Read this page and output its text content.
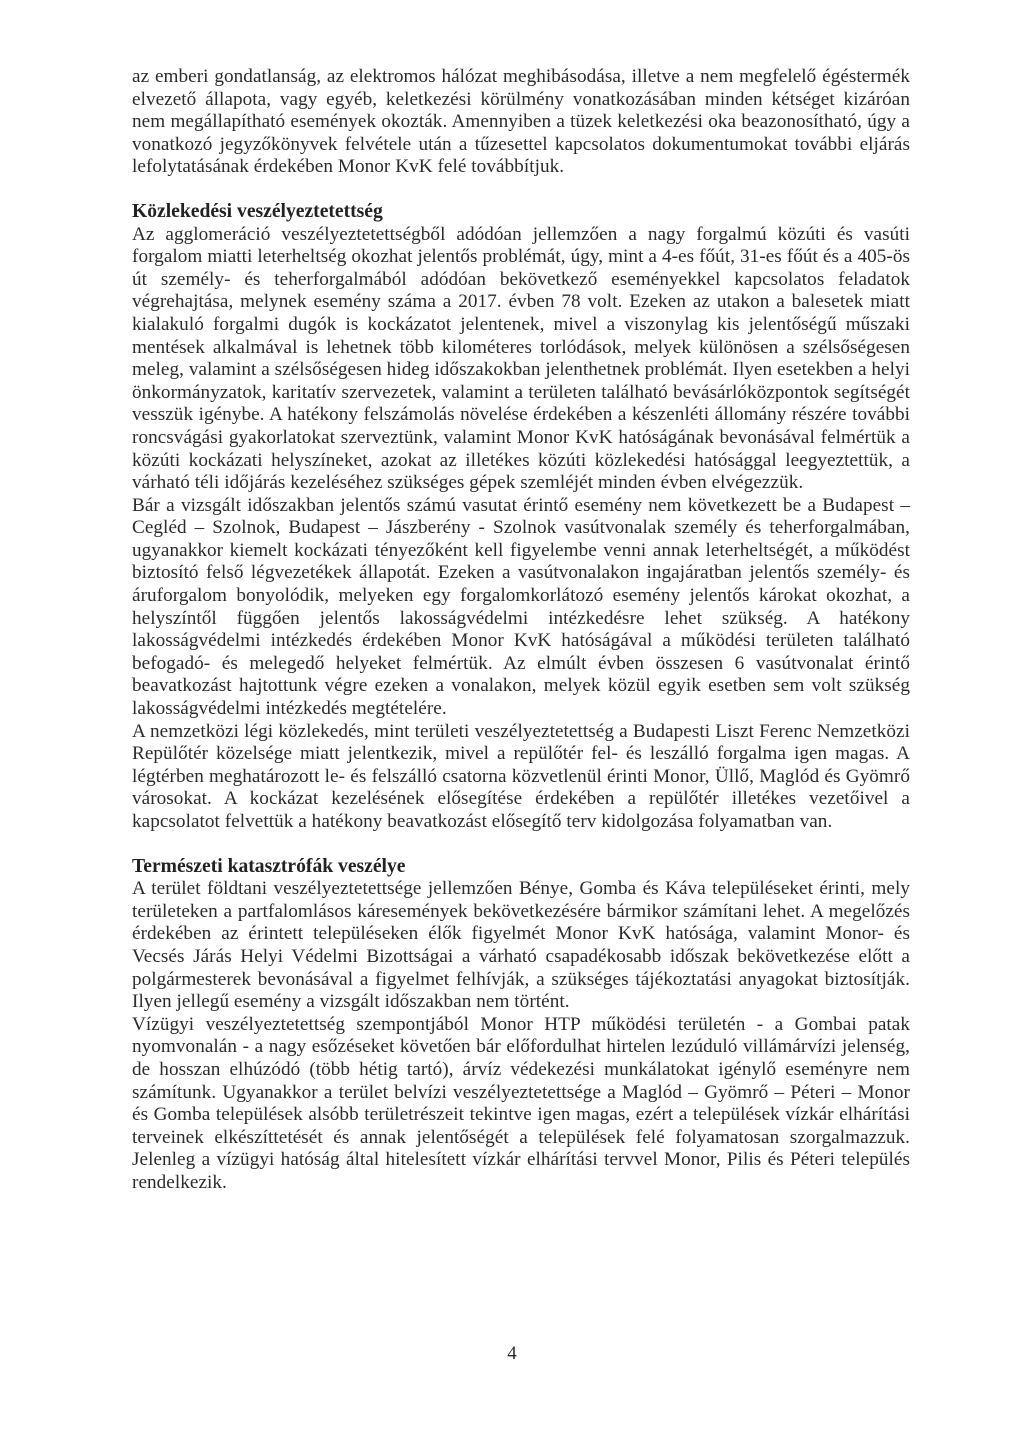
az emberi gondatlanság, az elektromos hálózat meghibásodása, illetve a nem megfelelő égéstermék elvezető állapota, vagy egyéb, keletkezési körülmény vonatkozásában minden kétséget kizáróan nem megállapítható események okozták. Amennyiben a tüzek keletkezési oka beazonosítható, úgy a vonatkozó jegyzőkönyvek felvétele után a tűzesettel kapcsolatos dokumentumokat további eljárás lefolytatásának érdekében Monor KvK felé továbbítjuk.

Közlekedési veszélyeztetettség

Az agglomeráció veszélyeztetettségből adódóan jellemzően a nagy forgalmú közúti és vasúti forgalom miatti leterheltség okozhat jelentős problémát, úgy, mint a 4-es főút, 31-es főút és a 405-ös út személy- és teherforgalmából adódóan bekövetkező eseményekkel kapcsolatos feladatok végrehajtása, melynek esemény száma a 2017. évben 78 volt. Ezeken az utakon a balesetek miatt kialakuló forgalmi dugók is kockázatot jelentenek, mivel a viszonylag kis jelentőségű műszaki mentések alkalmával is lehetnek több kilométeres torlódások, melyek különösen a szélsőségesen meleg, valamint a szélsőségesen hideg időszakokban jelenthetnek problémát. Ilyen esetekben a helyi önkormányzatok, karitatív szervezetek, valamint a területen található bevásárlóközpontok segítségét vesszük igénybe. A hatékony felszámolás növelése érdekében a készenléti állomány részére további roncsvágási gyakorlatokat szerveztünk, valamint Monor KvK hatóságának bevonásával felmértük a közúti kockázati helyszíneket, azokat az illetékes közúti közlekedési hatósággal leegyeztettük, a várható téli időjárás kezeléséhez szükséges gépek szemléjét minden évben elvégezzük.

Bár a vizsgált időszakban jelentős számú vasutat érintő esemény nem következett be a Budapest – Cegléd – Szolnok, Budapest – Jászberény - Szolnok vasútvonalak személy és teherforgalmában, ugyanakkor kiemelt kockázati tényezőként kell figyelembe venni annak leterheltségét, a működést biztosító felső légvezetékek állapotát. Ezeken a vasútvonalakon ingajáratban jelentős személy- és áruforgalom bonyolódik, melyeken egy forgalomkorlátozó esemény jelentős károkat okozhat, a helyszíntől függően jelentős lakosságvédelmi intézkedésre lehet szükség. A hatékony lakosságvédelmi intézkedés érdekében Monor KvK hatóságával a működési területen található befogadó- és melegedő helyeket felmértük. Az elmúlt évben összesen 6 vasútvonalat érintő beavatkozást hajtottunk végre ezeken a vonalakon, melyek közül egyik esetben sem volt szükség lakosságvédelmi intézkedés megtételére.

A nemzetközi légi közlekedés, mint területi veszélyeztetettség a Budapesti Liszt Ferenc Nemzetközi Repülőtér közelsége miatt jelentkezik, mivel a repülőtér fel- és leszálló forgalma igen magas. A légtérben meghatározott le- és felszálló csatorna közvetlenül érinti Monor, Üllő, Maglód és Gyömrő városokat. A kockázat kezelésének elősegítése érdekében a repülőtér illetékes vezetőivel a kapcsolatot felvettük a hatékony beavatkozást elősegítő terv kidolgozása folyamatban van.

Természeti katasztrófák veszélye

A terület földtani veszélyeztetettsége jellemzően Bénye, Gomba és Káva településeket érinti, mely területeken a partfalomlásos káresemények bekövetkezésére bármikor számítani lehet. A megelőzés érdekében az érintett településeken élők figyelmét Monor KvK hatósága, valamint Monor- és Vecsés Járás Helyi Védelmi Bizottságai a várható csapadékosabb időszak bekövetkezése előtt a polgármesterek bevonásával a figyelmet felhívják, a szükséges tájékoztatási anyagokat biztosítják. Ilyen jellegű esemény a vizsgált időszakban nem történt.

Vízügyi veszélyeztetettség szempontjából Monor HTP működési területén - a Gombai patak nyomvonalán - a nagy esőzéseket követően bár előfordulhat hirtelen lezúduló villámárvízi jelenség, de hosszan elhúzódó (több hétig tartó), árvíz védekezési munkálatokat igénylő eseményre nem számítunk. Ugyanakkor a terület belvízi veszélyeztetettsége a Maglód – Gyömrő – Péteri – Monor és Gomba települések alsóbb területrészeit tekintve igen magas, ezért a települések vízkár elhárítási terveinek elkészíttetését és annak jelentőségét a települések felé folyamatosan szorgalmazzuk. Jelenleg a vízügyi hatóság által hitelesített vízkár elhárítási tervvel Monor, Pilis és Péteri település rendelkezik.

4
